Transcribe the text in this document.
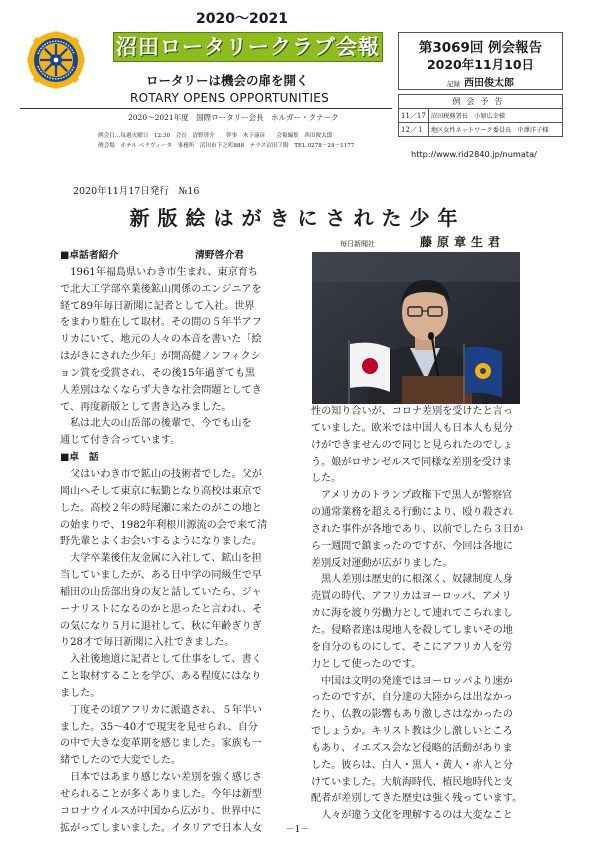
2020～2021
沼田ロータリークラブ会報
ロータリーは機会の扉を開く
ROTARY OPENS OPPORTUNITIES
2020～2021年度　国際ロータリー会長　ホルガー・クナーク
例会日…毎週火曜日　12:30　会長　清野啓介　　幹事　木下康彦　　会報編集　西田俊太郎
例会場　ホテル ベラヴィータ　事務所　沼田市下之町888　テラス沼田７階　TEL 0278－24－1177
第3069回 例会報告
2020年11月10日
記録 西田俊太郎
例会予告	
11／17	沼田税務署長　小原広幸様
12／１	地区女性ネットワーク委員長　中澤洋子様
http://www.rid2840.jp/numata/
2020年11月17日発行　 №16
新版絵はがきにされた少年
毎日新聞社	藤原章生君

■卓話者紹介	清野啓介君

　1961年福島県いわき市生まれ、東京育ち

で北大工学部卒業後鉱山関係のエンジニアを

経て89年毎日新聞に記者として入社。世界

をまわり駐在して取材。その間の５年半アフ

リカにいて、地元の人々の本音を書いた「絵

はがきにされた少年」が開高健ノンフィクシ

ョン賞を受賞され、その後15年過ぎても黒

人差別はなくならず大きな社会問題としてき

て、再度新版として書き込みました。

　私は北大の山岳部の後輩で、今でも山を

通じて付き合っています。

■卓　話

　父はいわき市で鉱山の技術者でした。父が

岡山へそして東京に転勤となり高校は東京で

した。高校２年の時尾瀬に来たのがこの地と

の始まりで、1982年利根川源流の会で来て清

野先輩とよくお会いするようになりました。

　大学卒業後住友金属に入社して、鉱山を担

当していましたが、ある日中学の同級生で早

稲田の山岳部出身の友と話していたら、ジャ

ーナリストになるのかと思ったと言われ、そ

の気になり５月に退社して、秋に年齢ぎりぎ

り28才で毎日新聞に入社できました。

　入社後地道に記者として仕事をして、書く

こと取材することを学び、ある程度にはなり

ました。

　丁度その頃アフリカに派遣され、５年半い

ました。35～40才で現実を見せられ、自分

の中で大きな変革期を感じました。家族も一

緒でしたので大変でした。

　日本ではあまり感じない差別を強く感じさ

せられることが多くありました。今年は新型

コロナウイルスが中国から広がり、世界中に

拡がってしまいました。イタリアで日本人女

性の知り合いが、コロナ差別を受けたと言っ

ていました。欧米では中国人も日本人も見分

けができませんので同じと見られたのでしょ

う。娘がロサンゼルスで同様な差別を受けま

した。

　アメリカのトランプ政権下で黒人が警察官

の通常業務を超える行動により、殴り殺され

された事件が各地であり、以前でしたら３日か

ら一週間で鎮まったのですが、今回は各地に

差別反対運動が広がりました。

　黒人差別は歴史的に根深く、奴隷制度人身

売買の時代、アフリカはヨーロッパ、アメリ

カに海を渡り労働力として連れてこられまし

た。侵略者達は現地人を殺してしまいその地

を自分のものにして、そこにアフリカ人を労

力として使ったのです。

　中国は文明の発達ではヨーロッパより速か

ったのですが、自分達の大陸からは出なかっ

たり、仏教の影響もあり激しさはなかったの

でしょうか。キリスト教は少し激しいところ

もあり、イエズス会など侵略的活動がありま

した。彼らは、白人・黒人・黄人・赤人と分

けていました。大航海時代、植民地時代と支

配者が差別してきた歴史は強く残っています。

　人々が違う文化を理解するのは大変なこと

－1－
